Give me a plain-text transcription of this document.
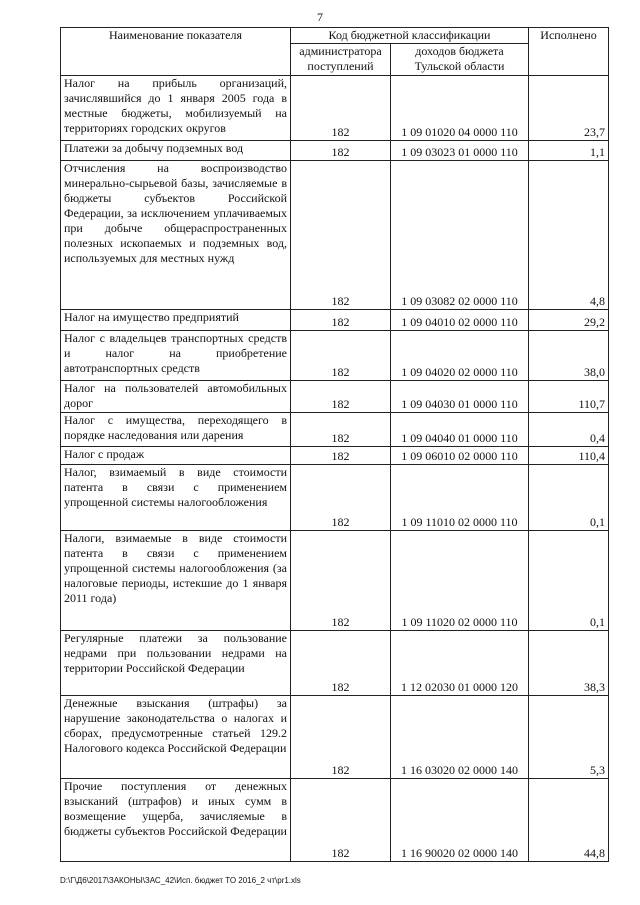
7
Наименование показателя	Код бюджетной классификации		Исполнено
	администратора поступлений	доходов бюджета Тульской области	
Налог на прибыль организаций, зачислявшийся до 1 января 2005 года в местные бюджеты, мобилизуемый на территориях городских округов	182	1 09 01020 04 0000 110	23,7
Платежи за добычу подземных вод	182	1 09 03023 01 0000 110	1,1
Отчисления на воспроизводство минерально-сырьевой базы, зачисляемые в бюджеты субъектов Российской Федерации, за исключением уплачиваемых при добыче общераспространенных полезных ископаемых и подземных вод, используемых для местных нужд	182	1 09 03082 02 0000 110	4,8
Налог на имущество предприятий	182	1 09 04010 02 0000 110	29,2
Налог с владельцев транспортных средств и налог на приобретение автотранспортных средств	182	1 09 04020 02 0000 110	38,0
Налог на пользователей автомобильных дорог	182	1 09 04030 01 0000 110	110,7
Налог с имущества, переходящего в порядке наследования или дарения	182	1 09 04040 01 0000 110	0,4
Налог с продаж	182	1 09 06010 02 0000 110	110,4
Налог, взимаемый в виде стоимости патента в связи с применением упрощенной системы налогообложения	182	1 09 11010 02 0000 110	0,1
Налоги, взимаемые в виде стоимости патента в связи с применением упрощенной системы налогообложения (за налоговые периоды, истекшие до 1 января 2011 года)	182	1 09 11020 02 0000 110	0,1
Регулярные платежи за пользование недрами при пользовании недрами на территории Российской Федерации	182	1 12 02030 01 0000 120	38,3
Денежные взыскания (штрафы) за нарушение законодательства о налогах и сборах, предусмотренные статьей 129.2 Налогового кодекса Российской Федерации	182	1 16 03020 02 0000 140	5,3
Прочие поступления от денежных взысканий (штрафов) и иных сумм в возмещение ущерба, зачисляемые в бюджеты субъектов Российской Федерации	182	1 16 90020 02 0000 140	44,8
D:\Г\Д6\2017\ЗАКОНЫ\ЗАС_42\Исп. бюджет ТО 2016_2 чт\pr1.xls
